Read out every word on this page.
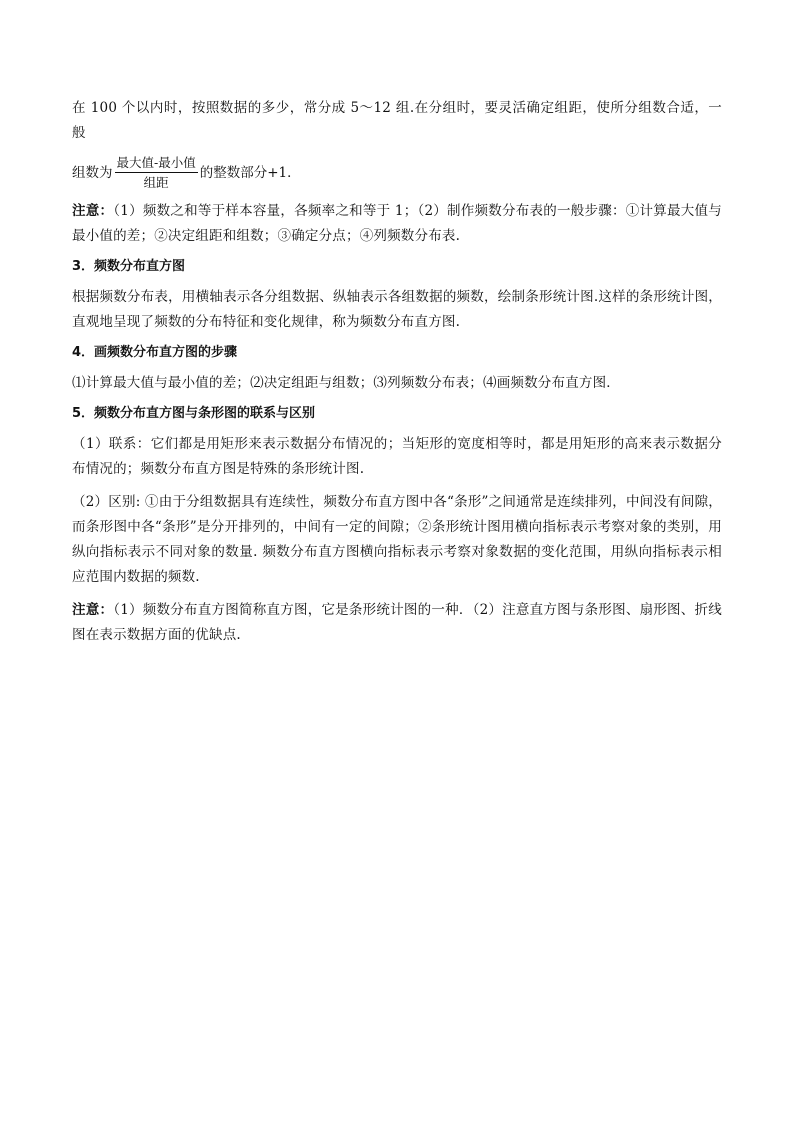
在 100 个以内时，按照数据的多少，常分成 5～12 组.在分组时，要灵活确定组距，使所分组数合适，一般

组数为 $\frac{\text{最大值-最小值}}{\text{组距}}$ 的整数部分+1．

注意：（1）频数之和等于样本容量，各频率之和等于 1；（2）制作频数分布表的一般步骤：①计算最大值与最小值的差；②决定组距和组数；③确定分点；④列频数分布表.

3．频数分布直方图

根据频数分布表，用横轴表示各分组数据、纵轴表示各组数据的频数，绘制条形统计图.这样的条形统计图，直观地呈现了频数的分布特征和变化规律，称为频数分布直方图.

4．画频数分布直方图的步骤

⑴计算最大值与最小值的差；⑵决定组距与组数；⑶列频数分布表；⑷画频数分布直方图．

5．频数分布直方图与条形图的联系与区别

（1）联系：它们都是用矩形来表示数据分布情况的；当矩形的宽度相等时，都是用矩形的高来表示数据分布情况的；频数分布直方图是特殊的条形统计图.

（2）区别: ①由于分组数据具有连续性，频数分布直方图中各“条形”之间通常是连续排列，中间没有间隙，而条形图中各“条形”是分开排列的，中间有一定的间隙；②条形统计图用横向指标表示考察对象的类别，用纵向指标表示不同对象的数量. 频数分布直方图横向指标表示考察对象数据的变化范围，用纵向指标表示相应范围内数据的频数.

注意：（1）频数分布直方图简称直方图，它是条形统计图的一种．（2）注意直方图与条形图、扇形图、折线图在表示数据方面的优缺点.
